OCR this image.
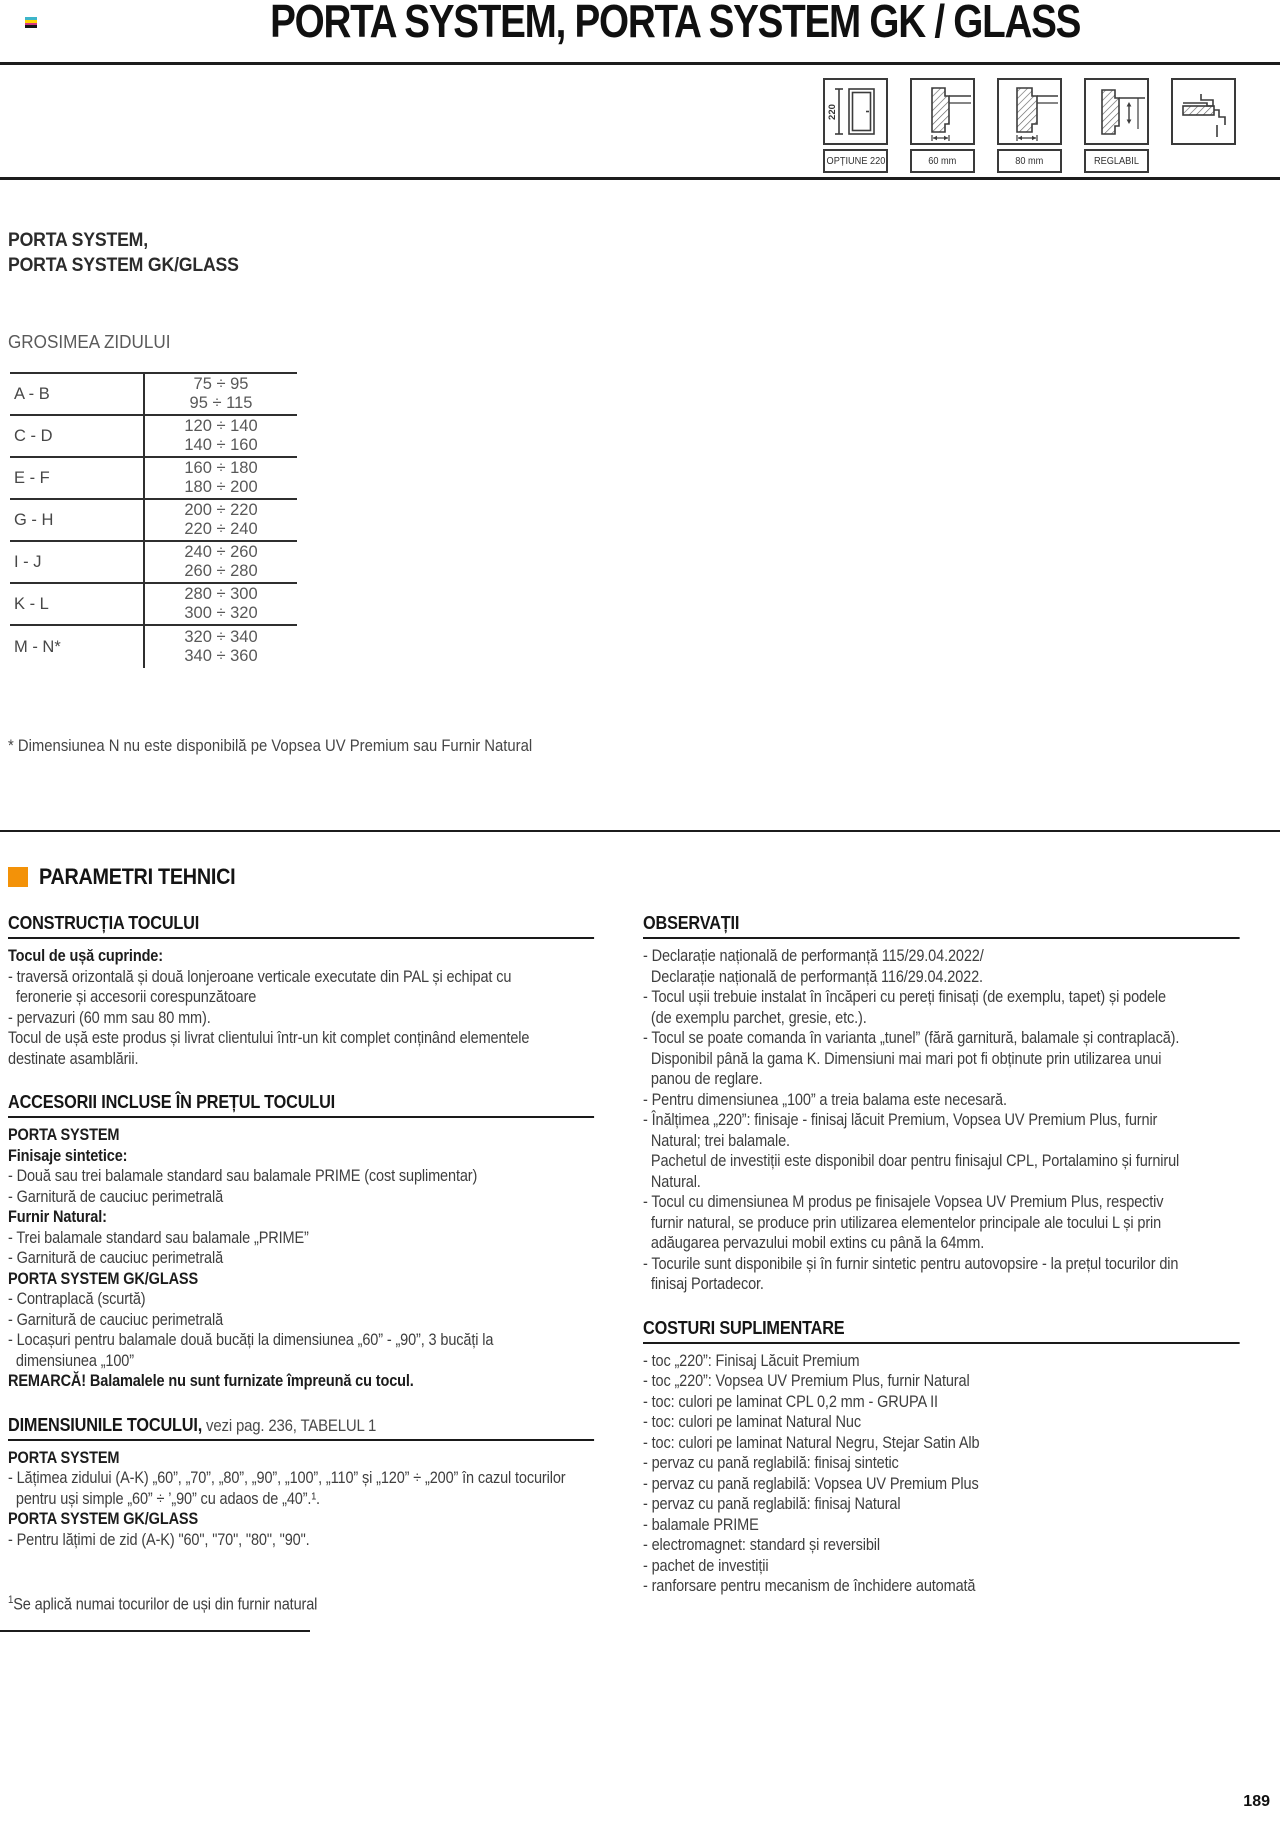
PORTA SYSTEM, PORTA SYSTEM GK / GLASS
220
OPȚIUNE 220	60 mm	80 mm	REGLABIL
PORTA SYSTEM,
PORTA SYSTEM GK/GLASS
GROSIMEA ZIDULUI
A - B
75 ÷ 95
95 ÷ 115
C - D
120 ÷ 140
140 ÷ 160
E - F
160 ÷ 180
180 ÷ 200
G - H
200 ÷ 220
220 ÷ 240
I - J
240 ÷ 260
260 ÷ 280
K - L
280 ÷ 300
300 ÷ 320
M - N*
320 ÷ 340
340 ÷ 360
* Dimensiunea N nu este disponibilă pe Vopsea UV Premium sau Furnir Natural
PARAMETRI TEHNICI
CONSTRUCȚIA TOCULUI
Tocul de ușă cuprinde:
- traversă orizontală și două lonjeroane verticale executate din PAL și echipat cu
feronerie și accesorii corespunzătoare
- pervazuri (60 mm sau 80 mm).
Tocul de ușă este produs și livrat clientului într-un kit complet conținând elementele
destinate asamblării.
ACCESORII INCLUSE ÎN PREȚUL TOCULUI
PORTA SYSTEM
Finisaje sintetice:
- Două sau trei balamale standard sau balamale PRIME (cost suplimentar)
- Garnitură de cauciuc perimetrală
Furnir Natural:
- Trei balamale standard sau balamale „PRIME”
- Garnitură de cauciuc perimetrală
PORTA SYSTEM GK/GLASS
- Contraplacă (scurtă)
- Garnitură de cauciuc perimetrală
- Locașuri pentru balamale două bucăți la dimensiunea „60” - „90”, 3 bucăți la
dimensiunea „100”
REMARCĂ! Balamalele nu sunt furnizate împreună cu tocul.
DIMENSIUNILE TOCULUI, vezi pag. 236, TABELUL 1
PORTA SYSTEM
- Lățimea zidului (A-K) „60”, „70”, „80”, „90”, „100”, „110” și „120” ÷ „200” în cazul tocurilor
pentru uși simple „60” ÷ ’„90” cu adaos de „40”.¹.
PORTA SYSTEM GK/GLASS
- Pentru lățimi de zid (A-K) "60", "70", "80", "90".
$^1$Se aplică numai tocurilor de uși din furnir natural
OBSERVAȚII
- Declarație națională de performanță 115/29.04.2022/
Declarație națională de performanță 116/29.04.2022.
- Tocul ușii trebuie instalat în încăperi cu pereți finisați (de exemplu, tapet) și podele
(de exemplu parchet, gresie, etc.).
- Tocul se poate comanda în varianta „tunel” (fără garnitură, balamale și contraplacă).
Disponibil până la gama K. Dimensiuni mai mari pot fi obținute prin utilizarea unui
panou de reglare.
- Pentru dimensiunea „100” a treia balama este necesară.
- Înălțimea „220”: finisaje - finisaj lăcuit Premium, Vopsea UV Premium Plus, furnir
Natural; trei balamale.
Pachetul de investiții este disponibil doar pentru finisajul CPL, Portalamino și furnirul
Natural.
- Tocul cu dimensiunea M produs pe finisajele Vopsea UV Premium Plus, respectiv
furnir natural, se produce prin utilizarea elementelor principale ale tocului L și prin
adăugarea pervazului mobil extins cu până la 64mm.
- Tocurile sunt disponibile și în furnir sintetic pentru autovopsire - la prețul tocurilor din
finisaj Portadecor.
COSTURI SUPLIMENTARE
- toc „220”: Finisaj Lăcuit Premium
- toc „220”: Vopsea UV Premium Plus, furnir Natural
- toc: culori pe laminat CPL 0,2 mm - GRUPA II
- toc: culori pe laminat Natural Nuc
- toc: culori pe laminat Natural Negru, Stejar Satin Alb
- pervaz cu pană reglabilă: finisaj sintetic
- pervaz cu pană reglabilă: Vopsea UV Premium Plus
- pervaz cu pană reglabilă: finisaj Natural
- balamale PRIME
- electromagnet: standard și reversibil
- pachet de investiții
- ranforsare pentru mecanism de închidere automată
189
